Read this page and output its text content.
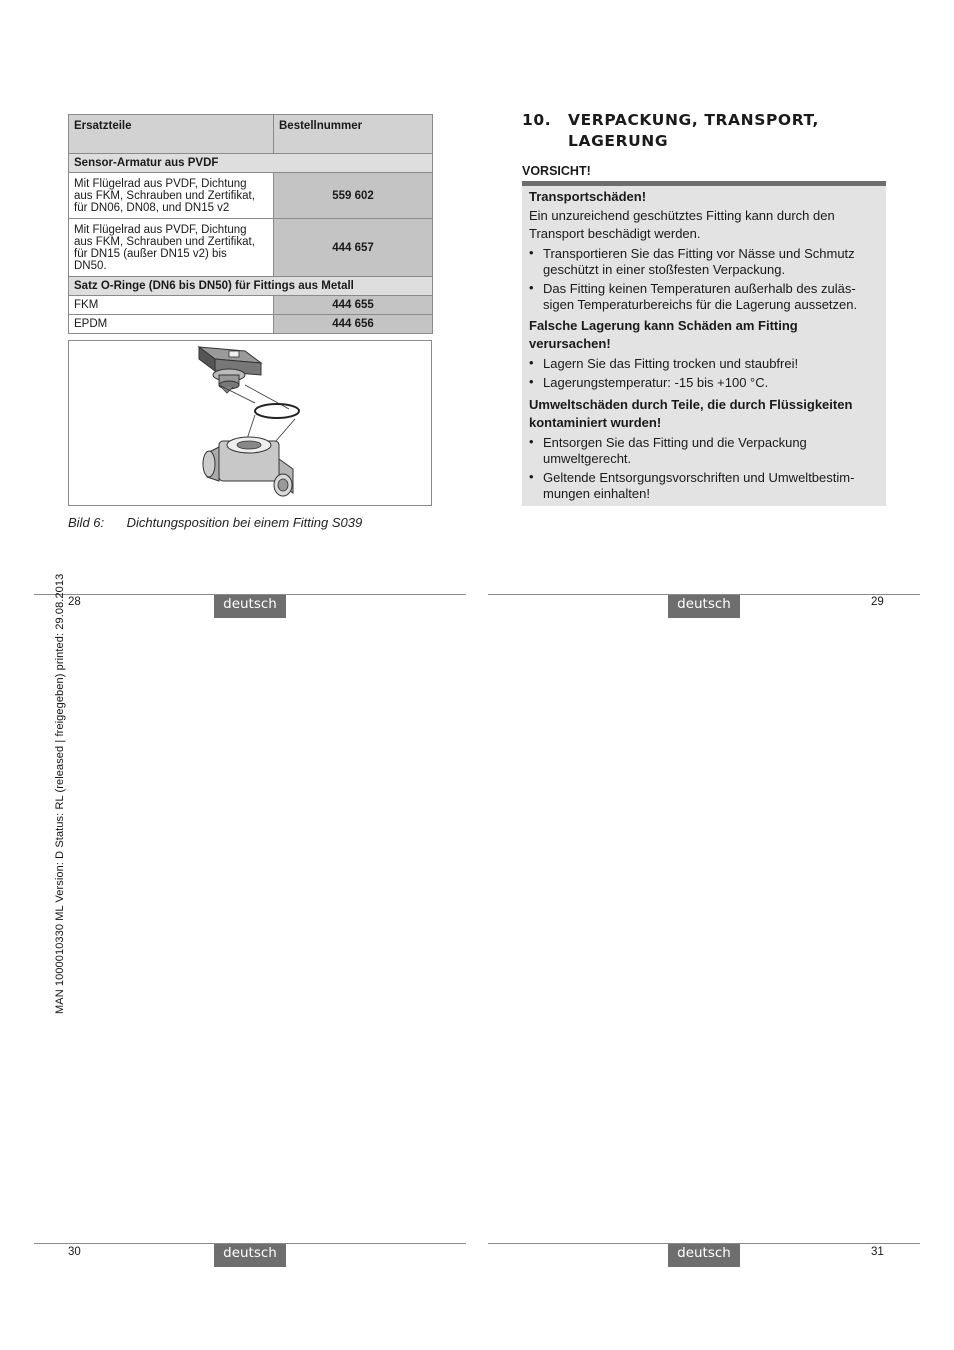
Ersatzteile	Bestellnummer
Sensor-Armatur aus PVDF	
Mit Flügelrad aus PVDF, Dichtung
aus FKM, Schrauben und Zertifikat,
für DN06, DN08, und DN15 v2	559 602
Mit Flügelrad aus PVDF, Dichtung
aus FKM, Schrauben und Zertifikat,
für DN15 (außer DN15 v2) bis
DN50.	444 657
Satz O-Ringe (DN6 bis DN50) für Fittings aus Metall	
FKM	444 655
EPDM	444 656
Bild 6: Dichtungsposition bei einem Fitting S039
10. VERPACKUNG, TRANSPORT,
LAGERUNG
VORSICHT!
Transportschäden!
Ein unzureichend geschütztes Fitting kann durch den
Transport beschädigt werden.
• Transportieren Sie das Fitting vor Nässe und Schmutz
geschützt in einer stoßfesten Verpackung.
• Das Fitting keinen Temperaturen außerhalb des zuläs-
sigen Temperaturbereichs für die Lagerung aussetzen.
Falsche Lagerung kann Schäden am Fitting
verursachen!
• Lagern Sie das Fitting trocken und staubfrei!
• Lagerungstemperatur: -15 bis +100 °C.
Umweltschäden durch Teile, die durch Flüssigkeiten
kontaminiert wurden!
• Entsorgen Sie das Fitting und die Verpackung
umweltgerecht.
• Geltende Entsorgungsvorschriften und Umweltbestim-
mungen einhalten!
28	deutsch	deutsch	29
30	deutsch	deutsch	31
MAN 1000010330 ML Version: D Status: RL (released | freigegeben) printed: 29.08.2013
